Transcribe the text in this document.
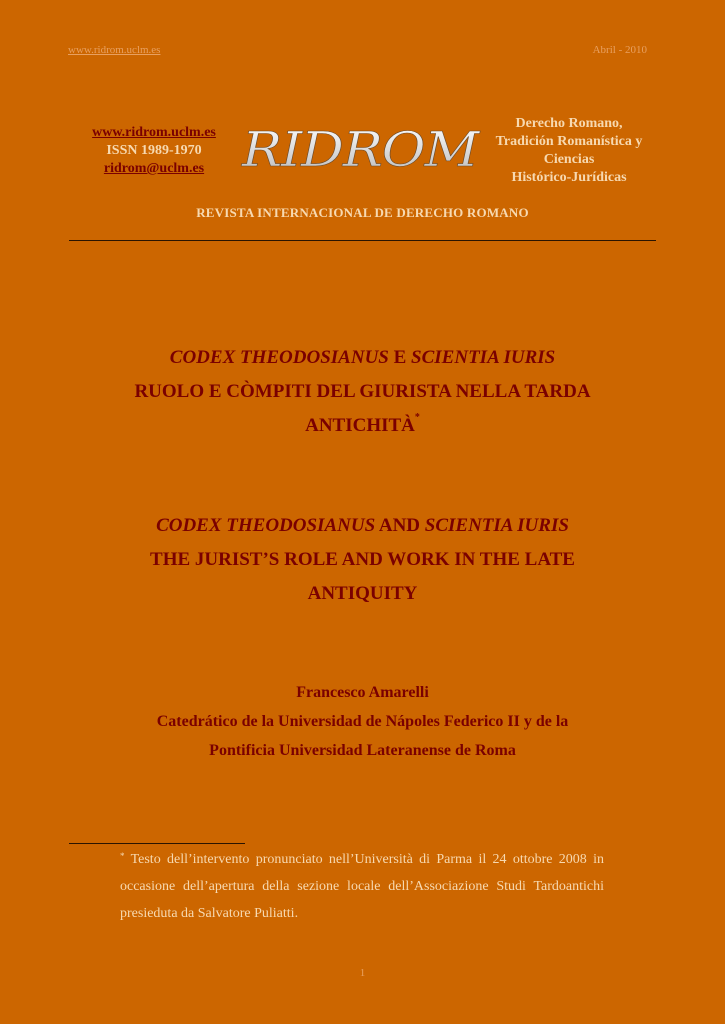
www.ridrom.uclm.es	Abril - 2010
www.ridrom.uclm.es
ISSN 1989-1970
ridrom@uclm.es RIDROM	Derecho Romano,
Tradición Romanística y
Ciencias
Histórico-Jurídicas
REVISTA INTERNACIONAL DE DERECHO ROMANO
CODEX THEODOSIANUS E SCIENTIA IURIS
RUOLO E CÒMPITI DEL GIURISTA NELLA TARDA
ANTICHITÀ*
CODEX THEODOSIANUS AND SCIENTIA IURIS
THE JURIST’S ROLE AND WORK IN THE LATE
ANTIQUITY
Francesco Amarelli
Catedrático de la Universidad de Nápoles Federico II y de la
Pontificia Universidad Lateranense de Roma
* Testo dell’intervento pronunciato nell’Università di Parma il 24 ottobre 2008 in occasione dell’apertura della sezione locale dell’Associazione Studi Tardoantichi presieduta da Salvatore Puliatti.
1
